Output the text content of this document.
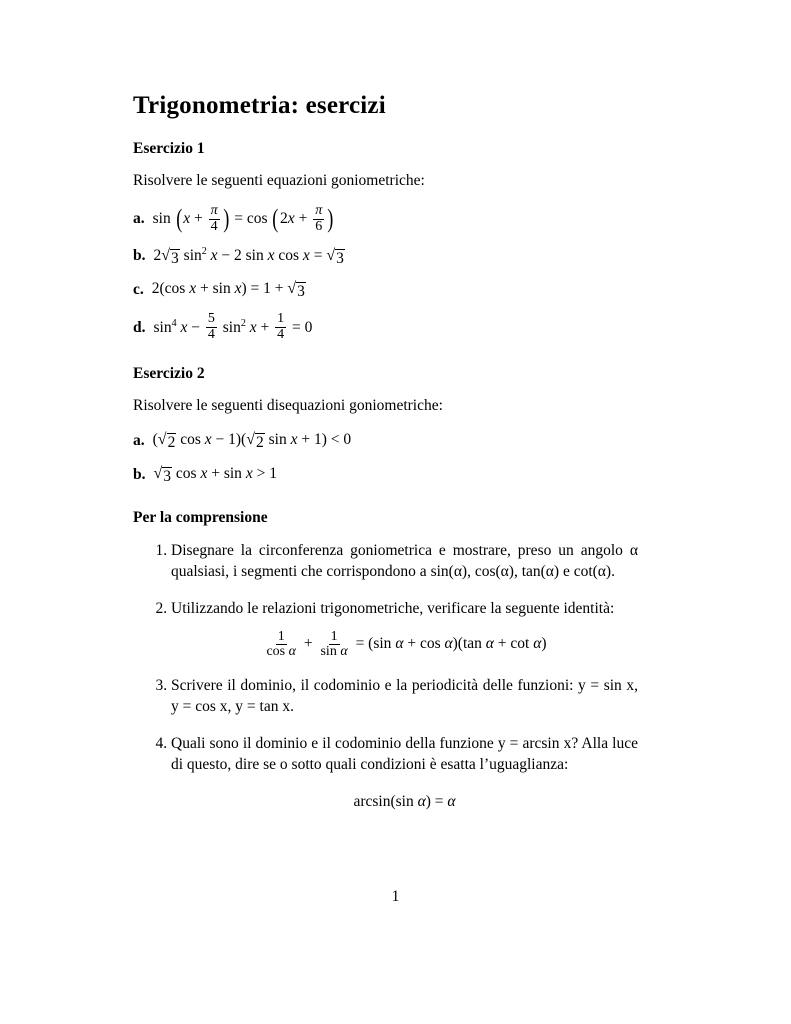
Trigonometria: esercizi
Esercizio 1

Risolvere le seguenti equazioni goniometriche:

a. sin ( $x + \frac{\pi}{4}$ ) = cos ( 2 $x + \frac{\pi}{6}$ )
b. 2 √ 3 $\sin^2 x - 2$ sin x cos x = √ 3
c. 2(cos x + sin x) = 1 + √ 3
d. $\sin^4 x - \frac{5}{4} \sin^2 x + \frac{1}{4} = 0$
Esercizio 2

Risolvere le seguenti disequazioni goniometriche:

a. ( √ 2 cos x − 1)( √ 2 sin x + 1) < 0
b. √ 3 cos x + sin x > 1
Per la comprensione
1. Disegnare la circonferenza goniometrica e mostrare, preso un angolo α qualsiasi, i segmenti che corrispondono a sin(α), cos(α), tan(α) e cot(α).
2. Utilizzando le relazioni trigonometriche, verificare la seguente identità:
$\frac{1}{\text{cos α}} + \frac{1}{\text{sin α}} = (\sin$ α + cos α )(tan α + cot α )
3. Scrivere il dominio, il codominio e la periodicità delle funzioni: y = sin x, y = cos x, y = tan x.
4. Quali sono il dominio e il codominio della funzione y = arcsin x? Alla luce di questo, dire se o sotto quali condizioni è esatta l’uguaglianza:
arcsin(sin α ) = α
1
